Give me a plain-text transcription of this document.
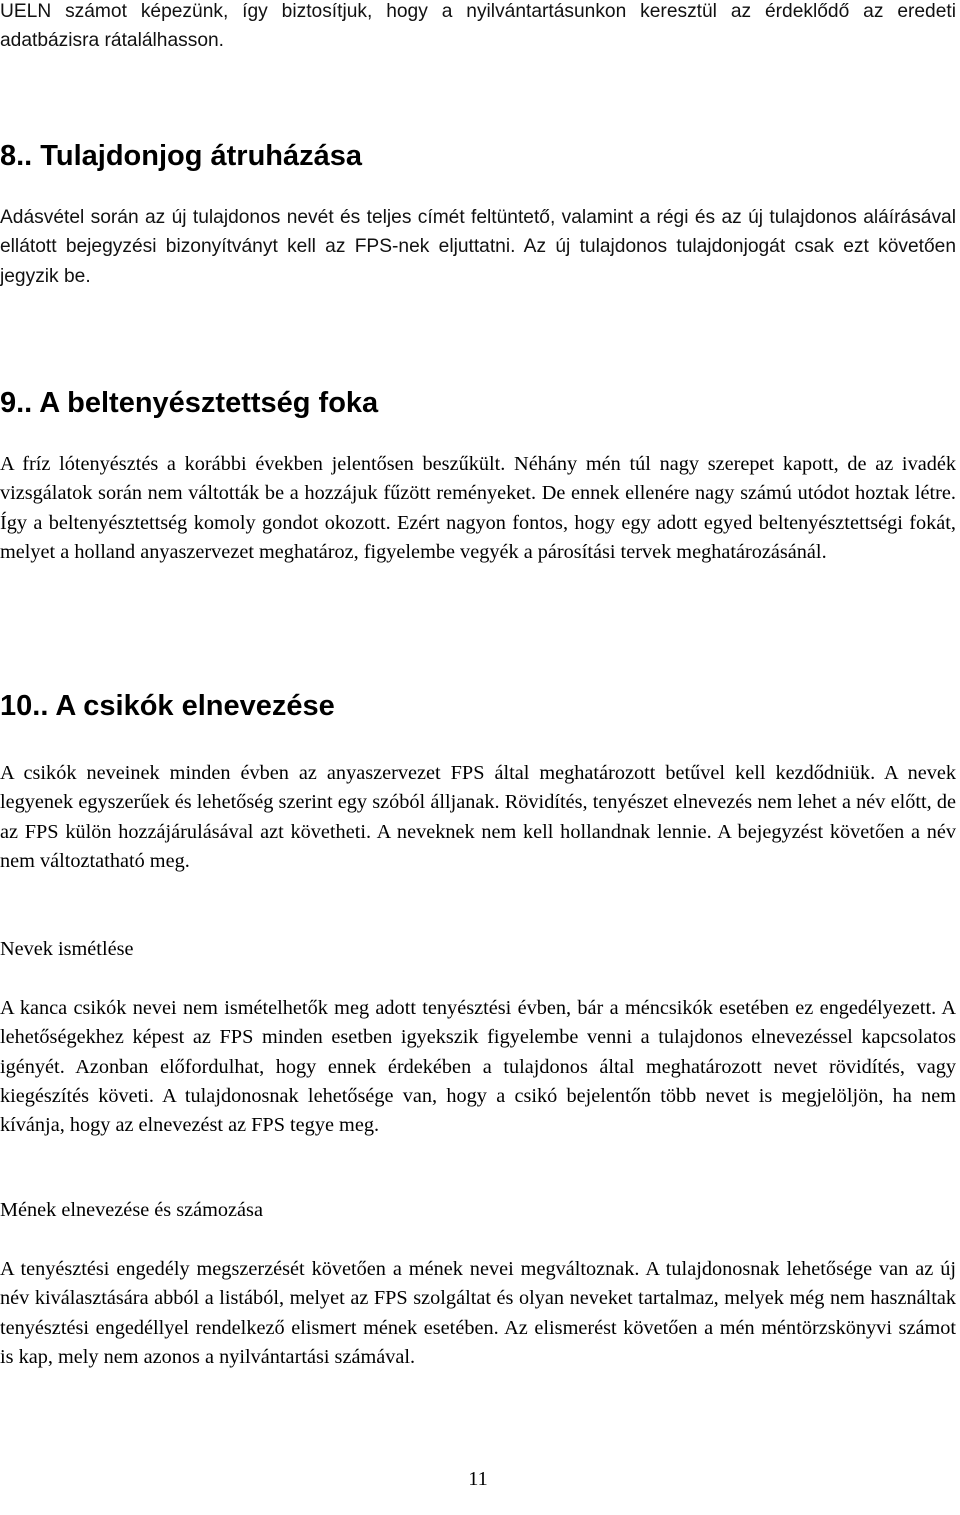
UELN számot képezünk, így biztosítjuk, hogy a nyilvántartásunkon keresztül az érdeklődő az eredeti adatbázisra rátalálhasson.

8.. Tulajdonjog átruházása

Adásvétel során az új tulajdonos nevét és teljes címét feltüntető, valamint a régi és az új tulajdonos aláírásával ellátott bejegyzési bizonyítványt kell az FPS-nek eljuttatni. Az új tulajdonos tulajdonjogát csak ezt követően jegyzik be.

9.. A beltenyésztettség foka

A fríz lótenyésztés a korábbi években jelentősen beszűkült. Néhány mén túl nagy szerepet kapott, de az ivadék vizsgálatok során nem váltották be a hozzájuk fűzött reményeket. De ennek ellenére nagy számú utódot hoztak létre. Így a beltenyésztettség komoly gondot okozott. Ezért nagyon fontos, hogy egy adott egyed beltenyésztettségi fokát, melyet a holland anyaszervezet meghatároz, figyelembe vegyék a párosítási tervek meghatározásánál.

10.. A csikók elnevezése

A csikók neveinek minden évben az anyaszervezet FPS által meghatározott betűvel kell kezdődniük. A nevek legyenek egyszerűek és lehetőség szerint egy szóból álljanak. Rövidítés, tenyészet elnevezés nem lehet a név előtt, de az FPS külön hozzájárulásával azt követheti. A neveknek nem kell hollandnak lennie. A bejegyzést követően a név nem változtatható meg.

Nevek ismétlése

A kanca csikók nevei nem ismételhetők meg adott tenyésztési évben, bár a méncsikók esetében ez engedélyezett. A lehetőségekhez képest az FPS minden esetben igyekszik figyelembe venni a tulajdonos elnevezéssel kapcsolatos igényét. Azonban előfordulhat, hogy ennek érdekében a tulajdonos által meghatározott nevet rövidítés, vagy kiegészítés követi. A tulajdonosnak lehetősége van, hogy a csikó bejelentőn több nevet is megjelöljön, ha nem kívánja, hogy az elnevezést az FPS tegye meg.

Mének elnevezése és számozása

A tenyésztési engedély megszerzését követően a mének nevei megváltoznak. A tulajdonosnak lehetősége van az új név kiválasztására abból a listából, melyet az FPS szolgáltat és olyan neveket tartalmaz, melyek még nem használtak tenyésztési engedéllyel rendelkező elismert mének esetében. Az elismerést követően a mén méntörzskönyvi számot is kap, mely nem azonos a nyilvántartási számával.

11
